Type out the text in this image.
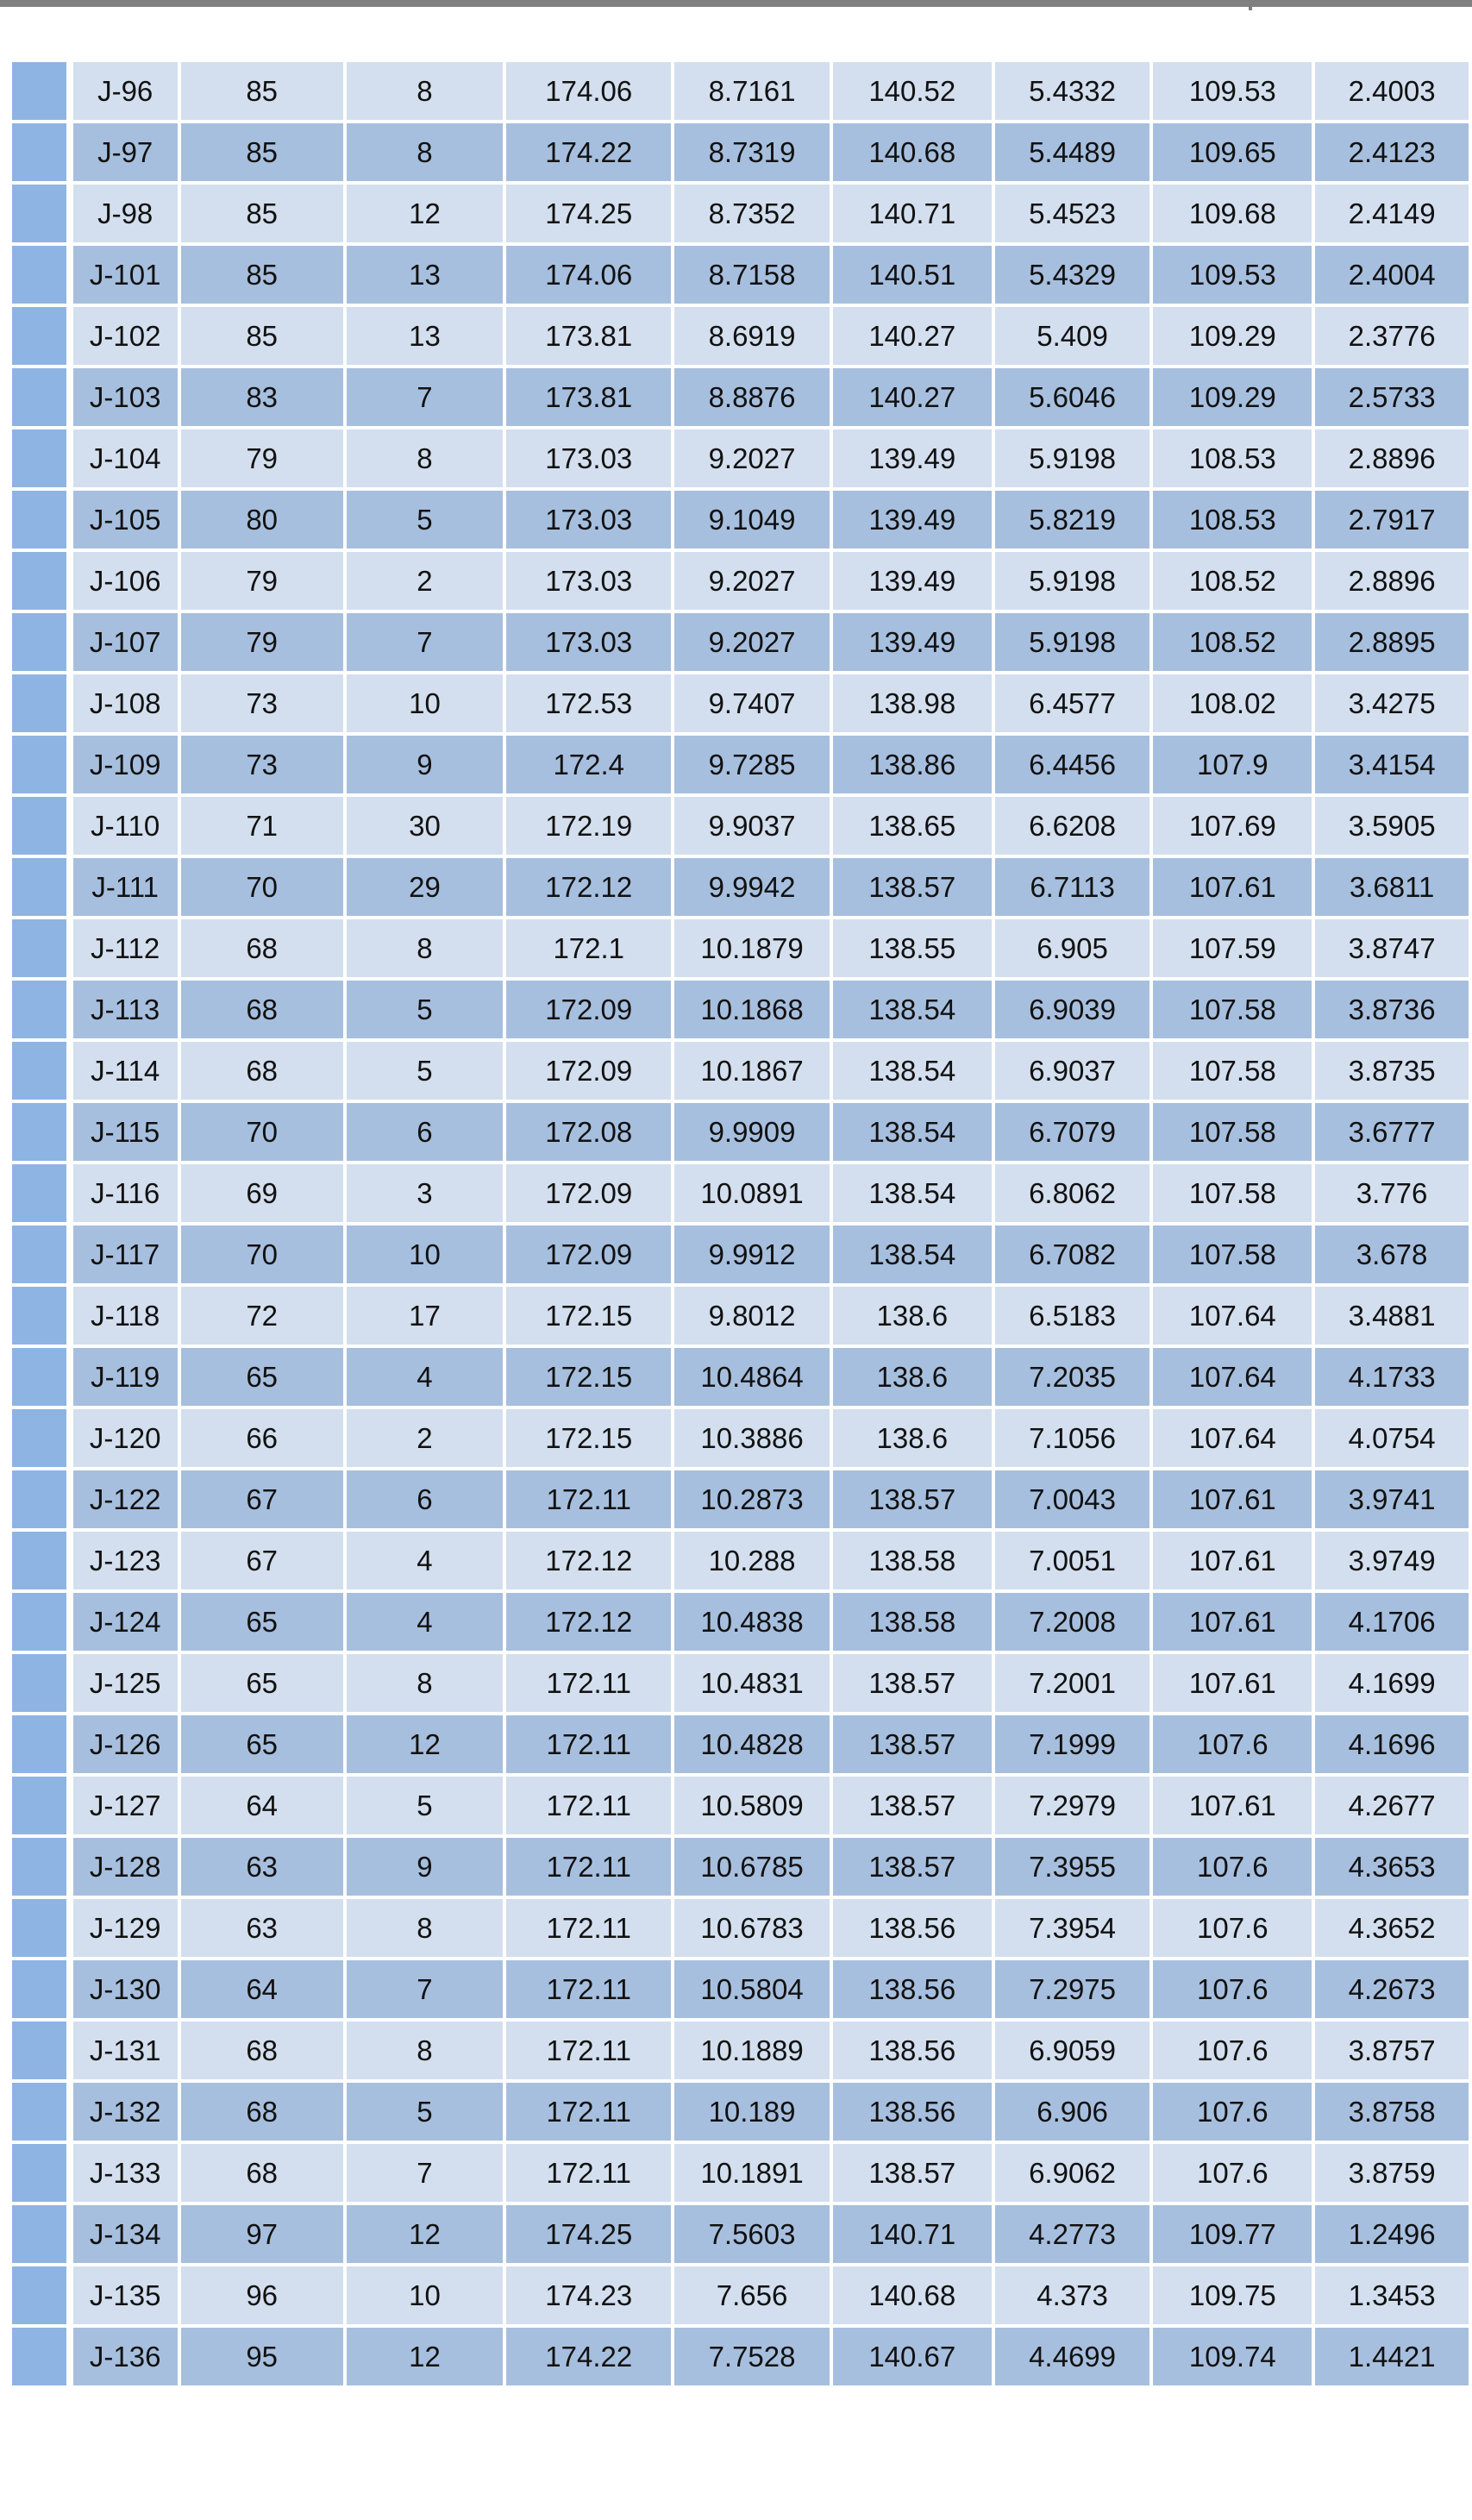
		J-96	85	8	174.06	8.7161	140.52	5.4332	109.53	2.4003
		J-97	85	8	174.22	8.7319	140.68	5.4489	109.65	2.4123
		J-98	85	12	174.25	8.7352	140.71	5.4523	109.68	2.4149
		J-101	85	13	174.06	8.7158	140.51	5.4329	109.53	2.4004
		J-102	85	13	173.81	8.6919	140.27	5.409	109.29	2.3776
		J-103	83	7	173.81	8.8876	140.27	5.6046	109.29	2.5733
		J-104	79	8	173.03	9.2027	139.49	5.9198	108.53	2.8896
		J-105	80	5	173.03	9.1049	139.49	5.8219	108.53	2.7917
		J-106	79	2	173.03	9.2027	139.49	5.9198	108.52	2.8896
		J-107	79	7	173.03	9.2027	139.49	5.9198	108.52	2.8895
		J-108	73	10	172.53	9.7407	138.98	6.4577	108.02	3.4275
		J-109	73	9	172.4	9.7285	138.86	6.4456	107.9	3.4154
		J-110	71	30	172.19	9.9037	138.65	6.6208	107.69	3.5905
		J-111	70	29	172.12	9.9942	138.57	6.7113	107.61	3.6811
		J-112	68	8	172.1	10.1879	138.55	6.905	107.59	3.8747
		J-113	68	5	172.09	10.1868	138.54	6.9039	107.58	3.8736
		J-114	68	5	172.09	10.1867	138.54	6.9037	107.58	3.8735
		J-115	70	6	172.08	9.9909	138.54	6.7079	107.58	3.6777
		J-116	69	3	172.09	10.0891	138.54	6.8062	107.58	3.776
		J-117	70	10	172.09	9.9912	138.54	6.7082	107.58	3.678
		J-118	72	17	172.15	9.8012	138.6	6.5183	107.64	3.4881
		J-119	65	4	172.15	10.4864	138.6	7.2035	107.64	4.1733
		J-120	66	2	172.15	10.3886	138.6	7.1056	107.64	4.0754
		J-122	67	6	172.11	10.2873	138.57	7.0043	107.61	3.9741
		J-123	67	4	172.12	10.288	138.58	7.0051	107.61	3.9749
		J-124	65	4	172.12	10.4838	138.58	7.2008	107.61	4.1706
		J-125	65	8	172.11	10.4831	138.57	7.2001	107.61	4.1699
		J-126	65	12	172.11	10.4828	138.57	7.1999	107.6	4.1696
		J-127	64	5	172.11	10.5809	138.57	7.2979	107.61	4.2677
		J-128	63	9	172.11	10.6785	138.57	7.3955	107.6	4.3653
		J-129	63	8	172.11	10.6783	138.56	7.3954	107.6	4.3652
		J-130	64	7	172.11	10.5804	138.56	7.2975	107.6	4.2673
		J-131	68	8	172.11	10.1889	138.56	6.9059	107.6	3.8757
		J-132	68	5	172.11	10.189	138.56	6.906	107.6	3.8758
		J-133	68	7	172.11	10.1891	138.57	6.9062	107.6	3.8759
		J-134	97	12	174.25	7.5603	140.71	4.2773	109.77	1.2496
		J-135	96	10	174.23	7.656	140.68	4.373	109.75	1.3453
		J-136	95	12	174.22	7.7528	140.67	4.4699	109.74	1.4421
